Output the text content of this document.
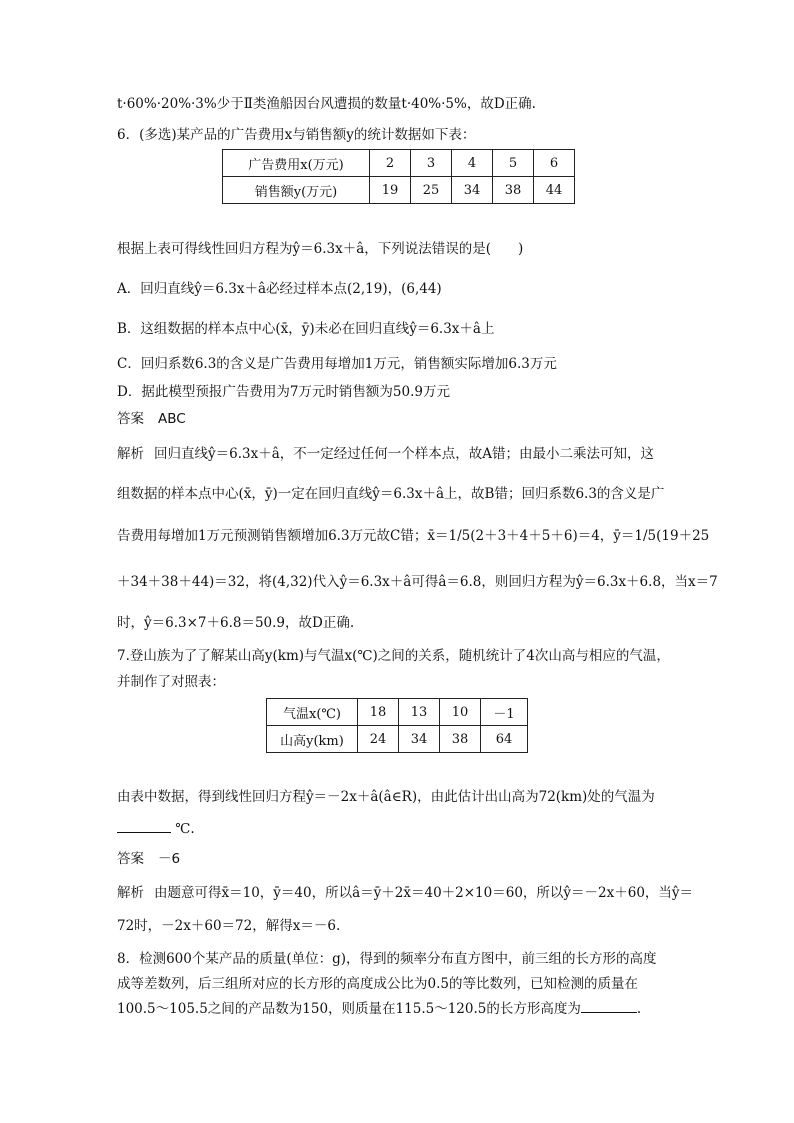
t·60%·20%·3%少于Ⅱ类渔船因台风遭损的数量t·40%·5%，故D正确.
6．(多选)某产品的广告费用x与销售额y的统计数据如下表：
广告费用x(万元)	2	3	4	5	6
销售额y(万元)	19	25	34	38	44
根据上表可得线性回归方程为ŷ＝6.3x＋â，下列说法错误的是(　　)
A．回归直线ŷ＝6.3x＋â必经过样本点(2,19)，(6,44)
B．这组数据的样本点中心(x̄，ȳ)未必在回归直线ŷ＝6.3x＋â上
C．回归系数6.3的含义是广告费用每增加1万元，销售额实际增加6.3万元
D．据此模型预报广告费用为7万元时销售额为50.9万元
答案 ABC
解析 回归直线ŷ＝6.3x＋â，不一定经过任何一个样本点，故A错；由最小二乘法可知，这
组数据的样本点中心(x̄，ȳ)一定在回归直线ŷ＝6.3x＋â上，故B错；回归系数6.3的含义是广
告费用每增加1万元预测销售额增加6.3万元故C错；x̄＝1/5(2＋3＋4＋5＋6)＝4，ȳ＝1/5(19＋25
＋34＋38＋44)＝32，将(4,32)代入ŷ＝6.3x＋â可得â＝6.8，则回归方程为ŷ＝6.3x＋6.8，当x＝7
时，ŷ＝6.3×7＋6.8＝50.9，故D正确.
7.登山族为了了解某山高y(km)与气温x(℃)之间的关系，随机统计了4次山高与相应的气温，
并制作了对照表：
气温x(℃)	18	13	10	－1
山高y(km)	24	34	38	64
由表中数据，得到线性回归方程ŷ＝－2x＋â(â∈R)，由此估计出山高为72(km)处的气温为
℃.
答案 －6
解析 由题意可得x̄＝10，ȳ＝40，所以â＝ȳ＋2x̄＝40＋2×10＝60，所以ŷ＝－2x＋60，当ŷ＝
72时，－2x＋60＝72，解得x＝－6.
8．检测600个某产品的质量(单位：g)，得到的频率分布直方图中，前三组的长方形的高度
成等差数列，后三组所对应的长方形的高度成公比为0.5的等比数列，已知检测的质量在
100.5～105.5之间的产品数为150，则质量在115.5～120.5的长方形高度为	.
